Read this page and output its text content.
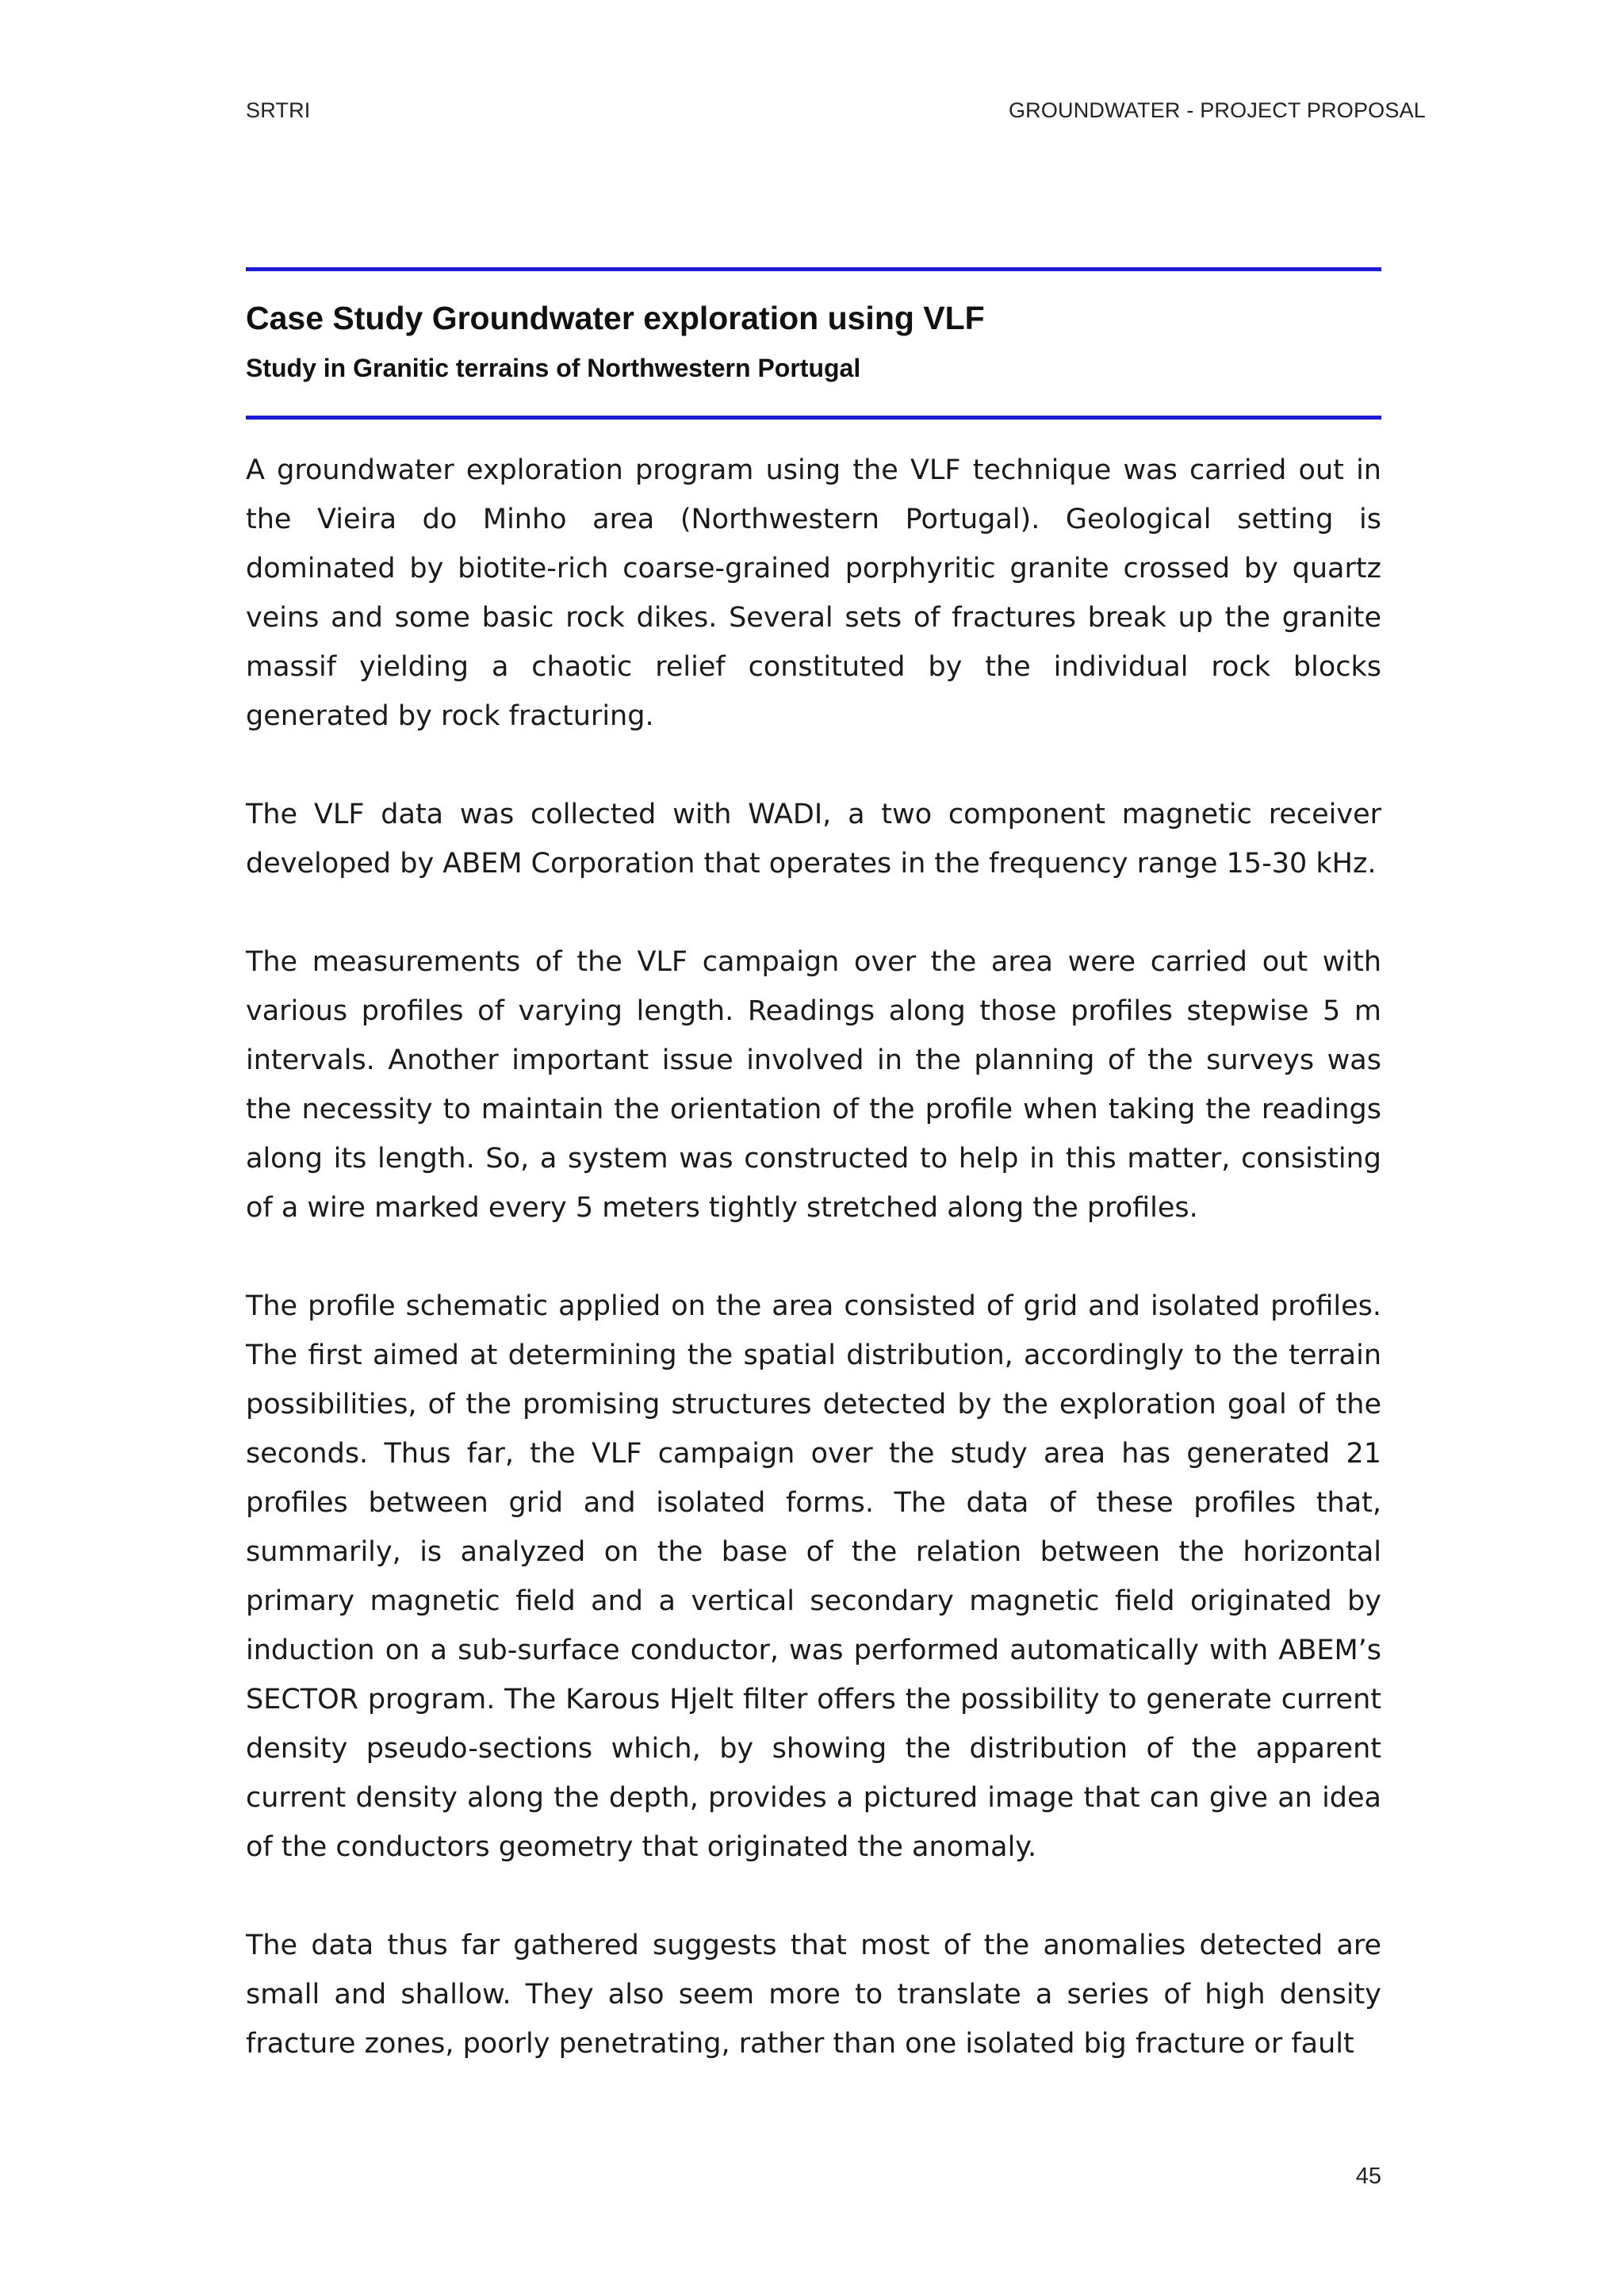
SRTRI	GROUNDWATER - PROJECT PROPOSAL
Case Study Groundwater exploration using VLF
Study in Granitic terrains of Northwestern Portugal

A groundwater exploration program using the VLF technique was carried out in the Vieira do Minho area (Northwestern Portugal). Geological setting is dominated by biotite-rich coarse-grained porphyritic granite crossed by quartz veins and some basic rock dikes. Several sets of fractures break up the granite massif yielding a chaotic relief constituted by the individual rock blocks generated by rock fracturing.

The VLF data was collected with WADI, a two component magnetic receiver developed by ABEM Corporation that operates in the frequency range 15-30 kHz.

The measurements of the VLF campaign over the area were carried out with various profiles of varying length. Readings along those profiles stepwise 5 m intervals. Another important issue involved in the planning of the surveys was the necessity to maintain the orientation of the profile when taking the readings along its length. So, a system was constructed to help in this matter, consisting of a wire marked every 5 meters tightly stretched along the profiles.

The profile schematic applied on the area consisted of grid and isolated profiles. The first aimed at determining the spatial distribution, accordingly to the terrain possibilities, of the promising structures detected by the exploration goal of the seconds. Thus far, the VLF campaign over the study area has generated 21 profiles between grid and isolated forms. The data of these profiles that, summarily, is analyzed on the base of the relation between the horizontal primary magnetic field and a vertical secondary magnetic field originated by induction on a sub-surface conductor, was performed automatically with ABEM’s SECTOR program. The Karous Hjelt filter offers the possibility to generate current density pseudo-sections which, by showing the distribution of the apparent current density along the depth, provides a pictured image that can give an idea of the conductors geometry that originated the anomaly.

The data thus far gathered suggests that most of the anomalies detected are small and shallow. They also seem more to translate a series of high density fracture zones, poorly penetrating, rather than one isolated big fracture or fault

45
